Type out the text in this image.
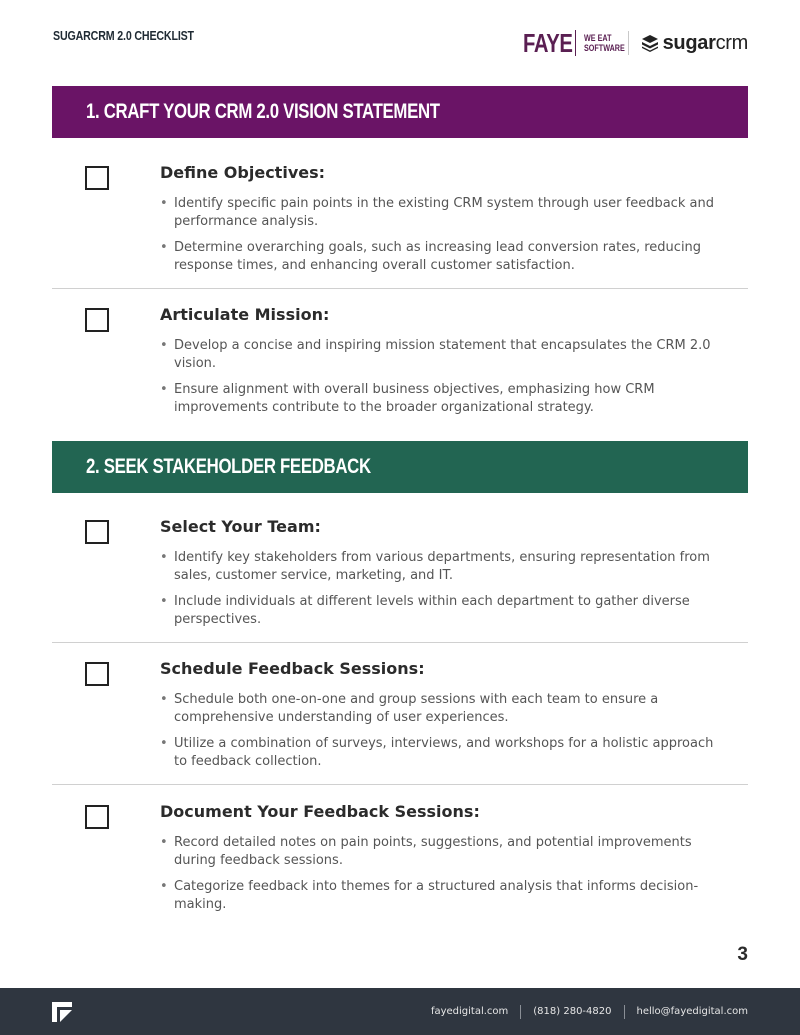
SUGARCRM 2.0 CHECKLIST	FAYE WE EAT
SOFTWARE sugarcrm
1. CRAFT YOUR CRM 2.0 VISION STATEMENT
Define Objectives:
• Identify specific pain points in the existing CRM system through user feedback and performance analysis.
• Determine overarching goals, such as increasing lead conversion rates, reducing response times, and enhancing overall customer satisfaction.
Articulate Mission:
• Develop a concise and inspiring mission statement that encapsulates the CRM 2.0 vision.
• Ensure alignment with overall business objectives, emphasizing how CRM improvements contribute to the broader organizational strategy.
2. SEEK STAKEHOLDER FEEDBACK
Select Your Team:
• Identify key stakeholders from various departments, ensuring representation from sales, customer service, marketing, and IT.
• Include individuals at different levels within each department to gather diverse perspectives.
Schedule Feedback Sessions:
• Schedule both one-on-one and group sessions with each team to ensure a comprehensive understanding of user experiences.
• Utilize a combination of surveys, interviews, and workshops for a holistic approach to feedback collection.
Document Your Feedback Sessions:
• Record detailed notes on pain points, suggestions, and potential improvements during feedback sessions.
• Categorize feedback into themes for a structured analysis that informs decision-making.
3
fayedigital.com	(818) 280-4820	hello@fayedigital.com
